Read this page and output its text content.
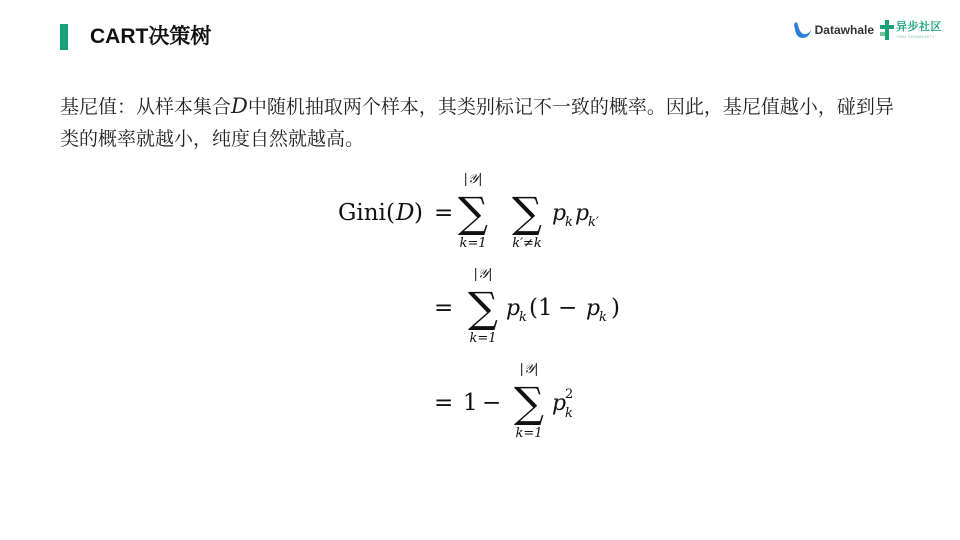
CART决策树	Datawhale 异步社区
YIBU COMMUNITY
基尼值：从样本集合D中随机抽取两个样本，其类别标记不一致的概率。因此，基尼值越小，碰到异类的概率就越小，纯度自然就越高。
Gini ( D ) =
|𝒴|
∑
k=1
∑
k′≠k
p
k p
k′
=
|𝒴|
∑
k=1
p
k ( 1 − p
k )
= 1 −
|𝒴|
∑
k=1
p
2
k
